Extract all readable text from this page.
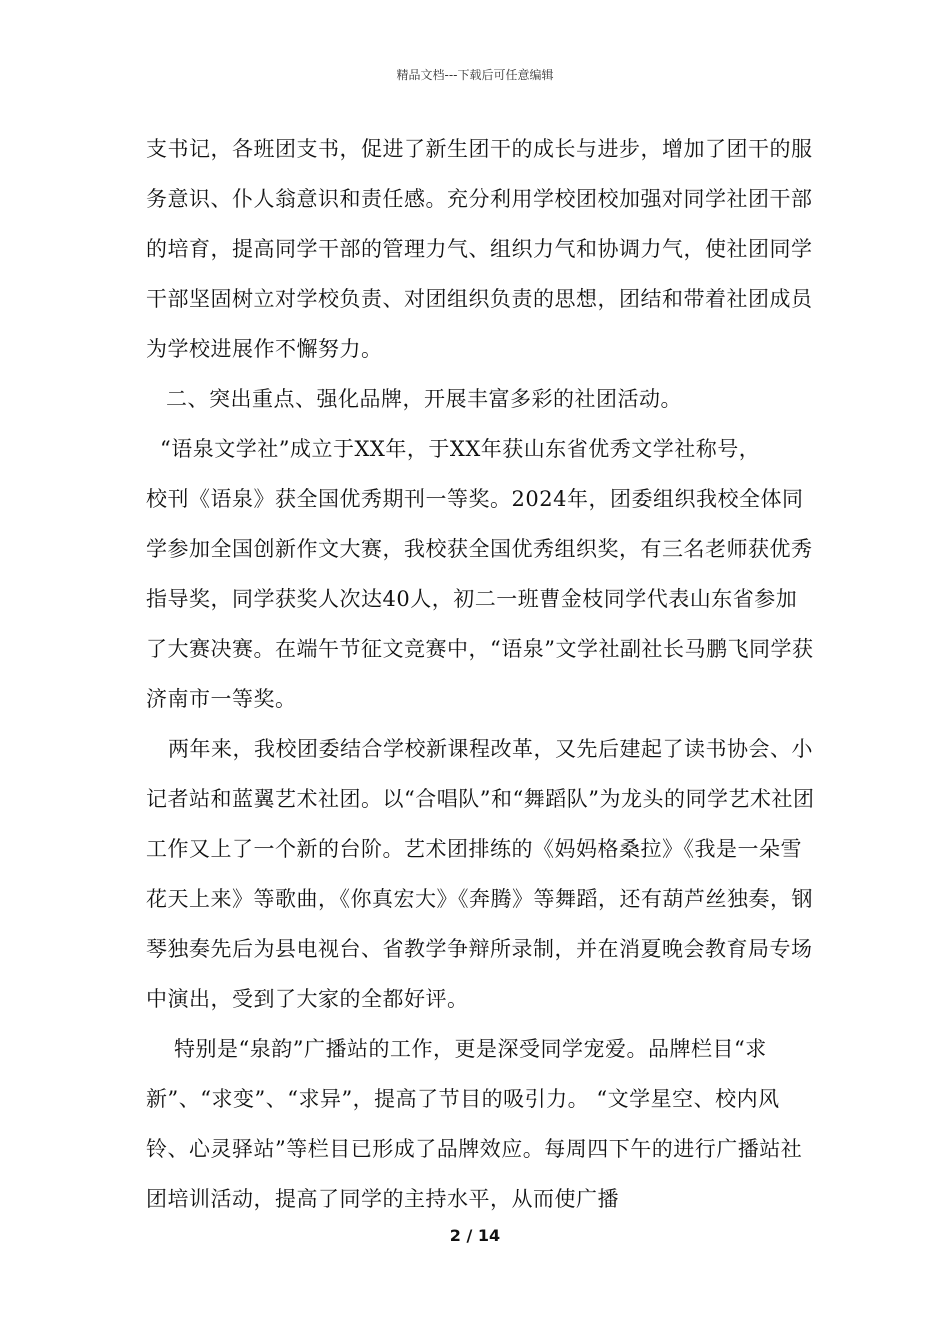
精品文档---下载后可任意编辑

支书记，各班团支书，促进了新生团干的成长与进步，增加了团干的服务意识、仆人翁意识和责任感。充分利用学校团校加强对同学社团干部的培育，提高同学干部的管理力气、组织力气和协调力气，使社团同学干部坚固树立对学校负责、对团组织负责的思想，团结和带着社团成员为学校进展作不懈努力。

二、突出重点、强化品牌，开展丰富多彩的社团活动。

“语泉文学社”成立于XX年，于XX年获山东省优秀文学社称号，

校刊《语泉》获全国优秀期刊一等奖。2024年，团委组织我校全体同学参加全国创新作文大赛，我校获全国优秀组织奖，有三名老师获优秀指导奖，同学获奖人次达40人，初二一班曹金枝同学代表山东省参加了大赛决赛。在端午节征文竞赛中，“语泉”文学社副社长马鹏飞同学获济南市一等奖。

两年来，我校团委结合学校新课程改革，又先后建起了读书协会、小记者站和蓝翼艺术社团。以“合唱队”和“舞蹈队”为龙头的同学艺术社团工作又上了一个新的台阶。艺术团排练的《妈妈格桑拉》《我是一朵雪花天上来》等歌曲，《你真宏大》《奔腾》等舞蹈，还有葫芦丝独奏，钢琴独奏先后为县电视台、省教学争辩所录制，并在消夏晚会教育局专场中演出，受到了大家的全都好评。

特别是“泉韵”广播站的工作，更是深受同学宠爱。品牌栏目“求新”、“求变”、“求异”，提高了节目的吸引力。 “文学星空、校内风铃、心灵驿站”等栏目已形成了品牌效应。每周四下午的进行广播站社团培训活动，提高了同学的主持水平，从而使广播

2 / 14
